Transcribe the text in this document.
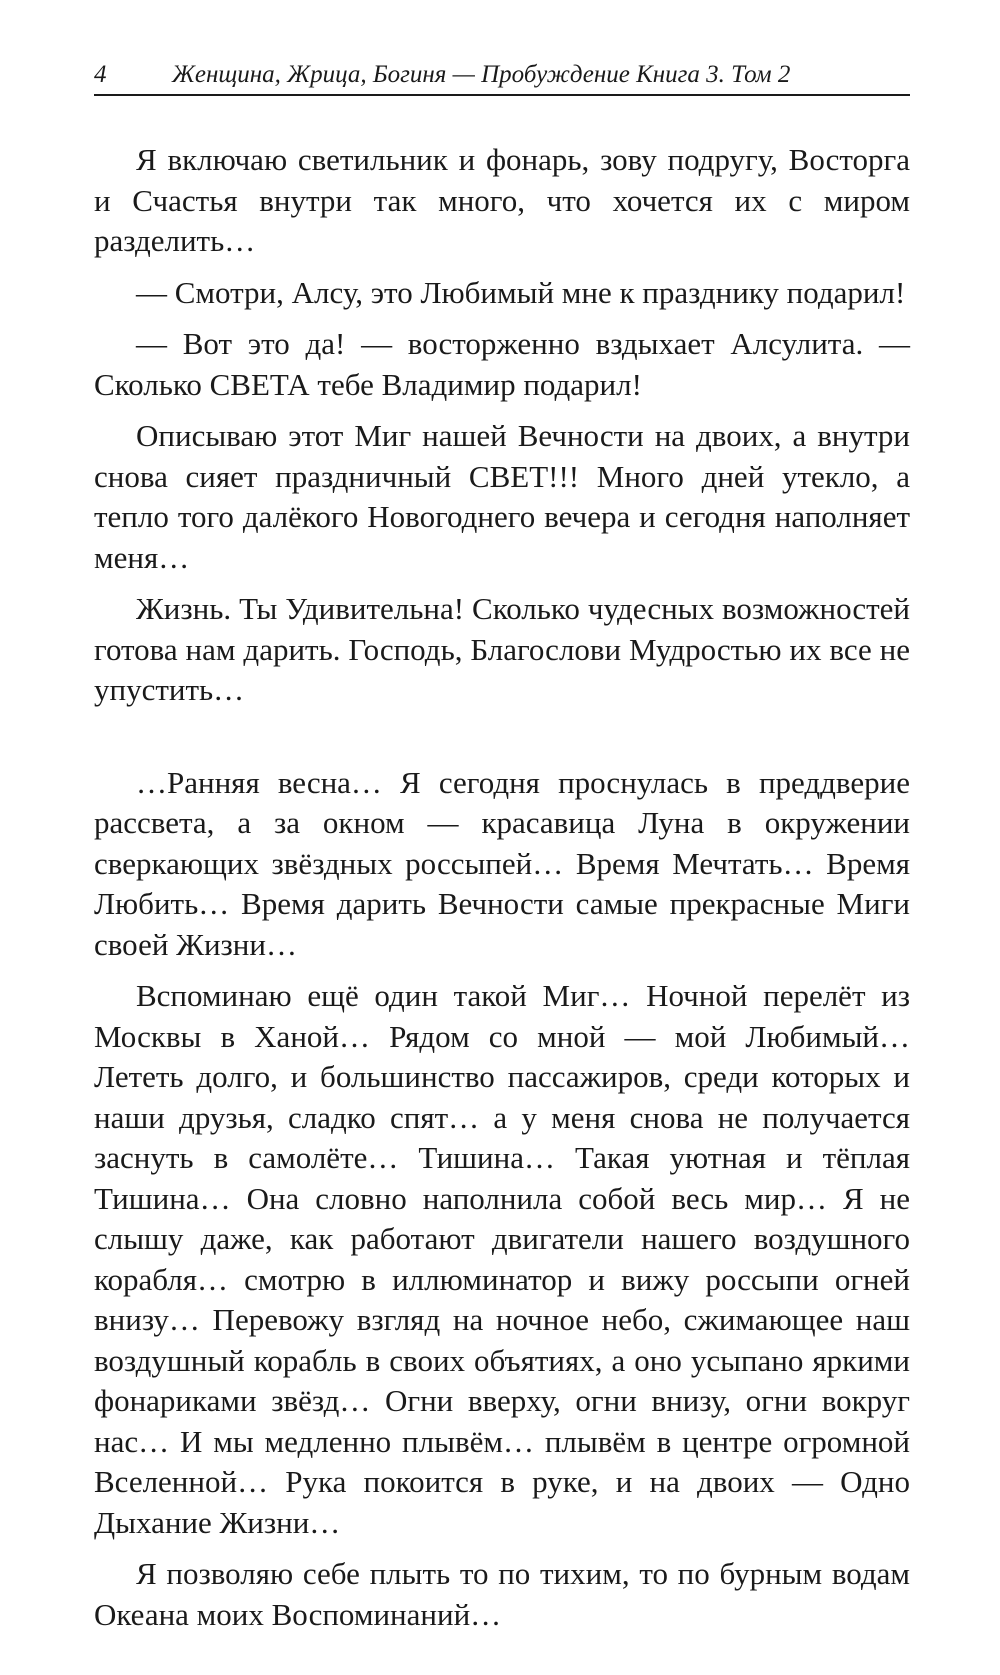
4	Женщина, Жрица, Богиня — Пробуждение Книга 3. Том 2

Я включаю светильник и фонарь, зову подругу, Восторга и Счастья внутри так много, что хочется их с миром разделить…

— Смотри, Алсу, это Любимый мне к празднику подарил!

— Вот это да! — восторженно вздыхает Алсулита. — Сколько СВЕТА тебе Владимир подарил!

Описываю этот Миг нашей Вечности на двоих, а внутри снова сияет праздничный СВЕТ!!! Много дней утекло, а тепло того далёкого Новогоднего вечера и сегодня наполняет меня…

Жизнь. Ты Удивительна! Сколько чудесных возможностей готова нам дарить. Господь, Благослови Мудростью их все не упустить…

…Ранняя весна… Я сегодня проснулась в преддверие рассвета, а за окном — красавица Луна в окружении сверкающих звёздных россыпей… Время Мечтать… Время Любить… Время дарить Вечности самые прекрасные Миги своей Жизни…

Вспоминаю ещё один такой Миг… Ночной перелёт из Москвы в Ханой… Рядом со мной — мой Любимый… Лететь долго, и большинство пассажиров, среди которых и наши друзья, сладко спят… а у меня снова не получается заснуть в самолёте… Тишина… Такая уютная и тёплая Тишина… Она словно наполнила собой весь мир… Я не слышу даже, как работают двигатели нашего воздушного корабля… смотрю в иллюминатор и вижу россыпи огней внизу… Перевожу взгляд на ночное небо, сжимающее наш воздушный корабль в своих объятиях, а оно усыпано яркими фонариками звёзд… Огни вверху, огни внизу, огни вокруг нас… И мы медленно плывём… плывём в центре огромной Вселенной… Рука покоится в руке, и на двоих — Одно Дыхание Жизни…

Я позволяю себе плыть то по тихим, то по бурным водам Океана моих Воспоминаний…
